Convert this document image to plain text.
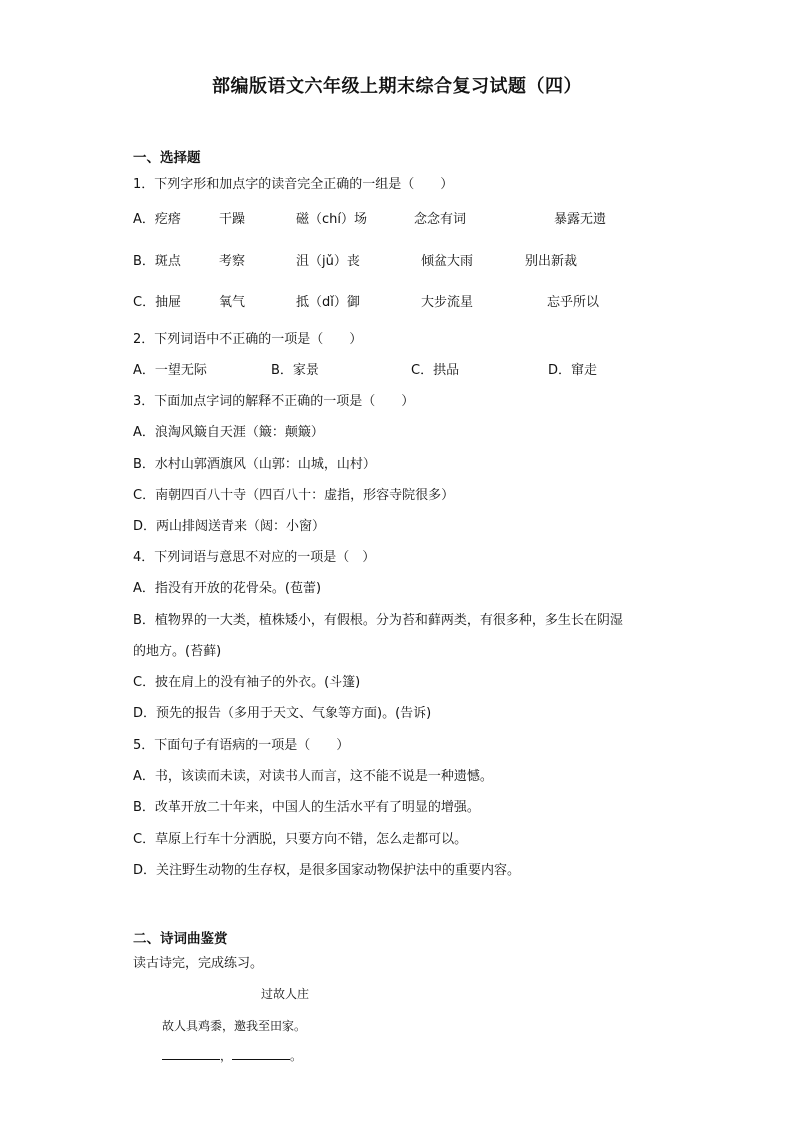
部编版语文六年级上期末综合复习试题（四）
一、选择题
1．下列字形和加点字的读音完全正确的一组是（　　）
A．疙瘩	干躁	磁（chí）场	念念有词	暴露无遗
B．斑点	考察	沮（jǔ）丧	倾盆大雨	别出新裁
C．抽屉	氧气	抵（dǐ）御	大步流星	忘乎所以
2．下列词语中不正确的一项是（　　）
A．一望无际	B．家景	C．拱品	D．窜走
3．下面加点字词的解释不正确的一项是（　　）
A．浪淘风簸自天涯（簸：颠簸）
B．水村山郭酒旗风（山郭：山城，山村）
C．南朝四百八十寺（四百八十：虚指，形容寺院很多）
D．两山排闼送青来（闼：小窗）
4．下列词语与意思不对应的一项是（　）
A．指没有开放的花骨朵。(苞蕾)
B．植物界的一大类，植株矮小，有假根。分为苔和藓两类，有很多种，多生长在阴湿
的地方。(苔藓)
C．披在肩上的没有袖子的外衣。(斗篷)
D．预先的报告（多用于天文、气象等方面)。(告诉)
5．下面句子有语病的一项是（　　）
A．书，该读而未读，对读书人而言，这不能不说是一种遗憾。
B．改革开放二十年来，中国人的生活水平有了明显的增强。
C．草原上行车十分洒脱，只要方向不错，怎么走都可以。
D．关注野生动物的生存权，是很多国家动物保护法中的重要内容。
二、诗词曲鉴赏
读古诗完，完成练习。
过故人庄
故人具鸡黍，邀我至田家。
，	。
